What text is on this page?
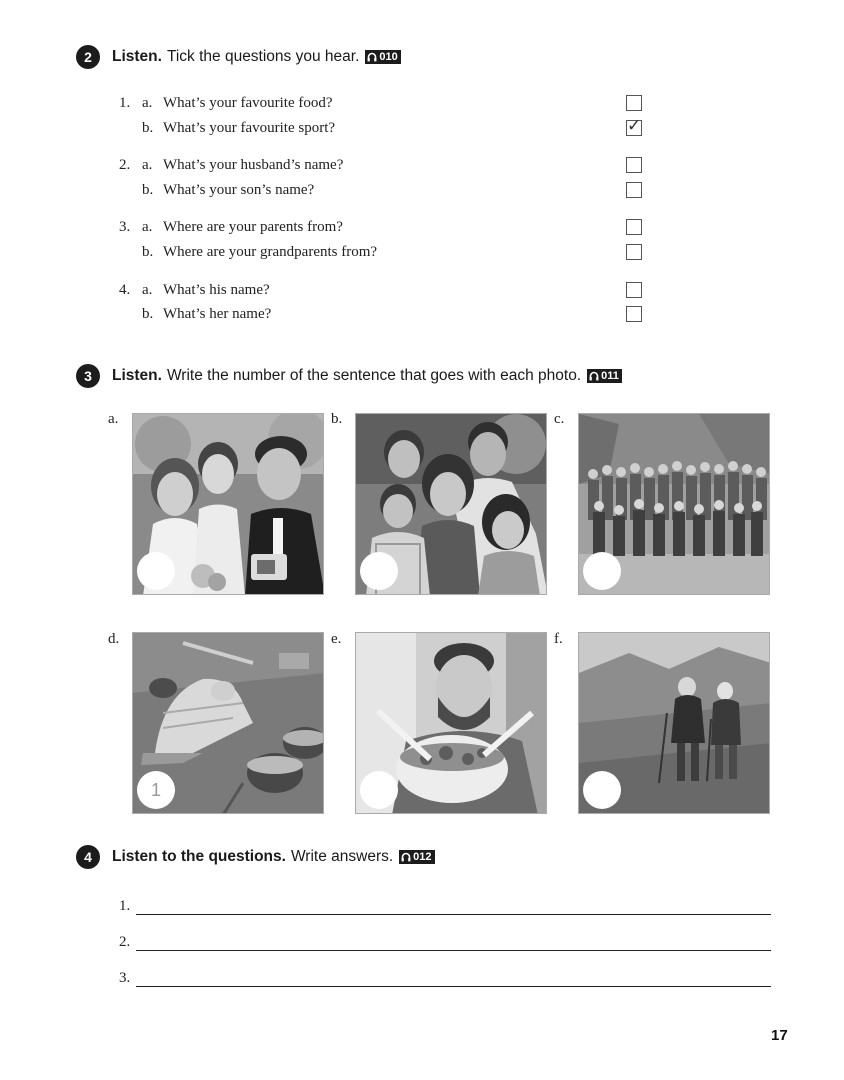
2	Listen. Tick the questions you hear. 010
1. a. What’s your favourite food?
b. What’s your favourite sport?	✓
2. a. What’s your husband’s name?
b. What’s your son’s name?
3. a. Where are your parents from?
b. Where are your grandparents from?
4. a. What’s his name?
b. What’s her name?
3	Listen. Write the number of the sentence that goes with each photo. 011
a.	b.	c.
d.
1
e.	f.
4	Listen to the questions. Write answers. 012
1.
2.
3.
17
